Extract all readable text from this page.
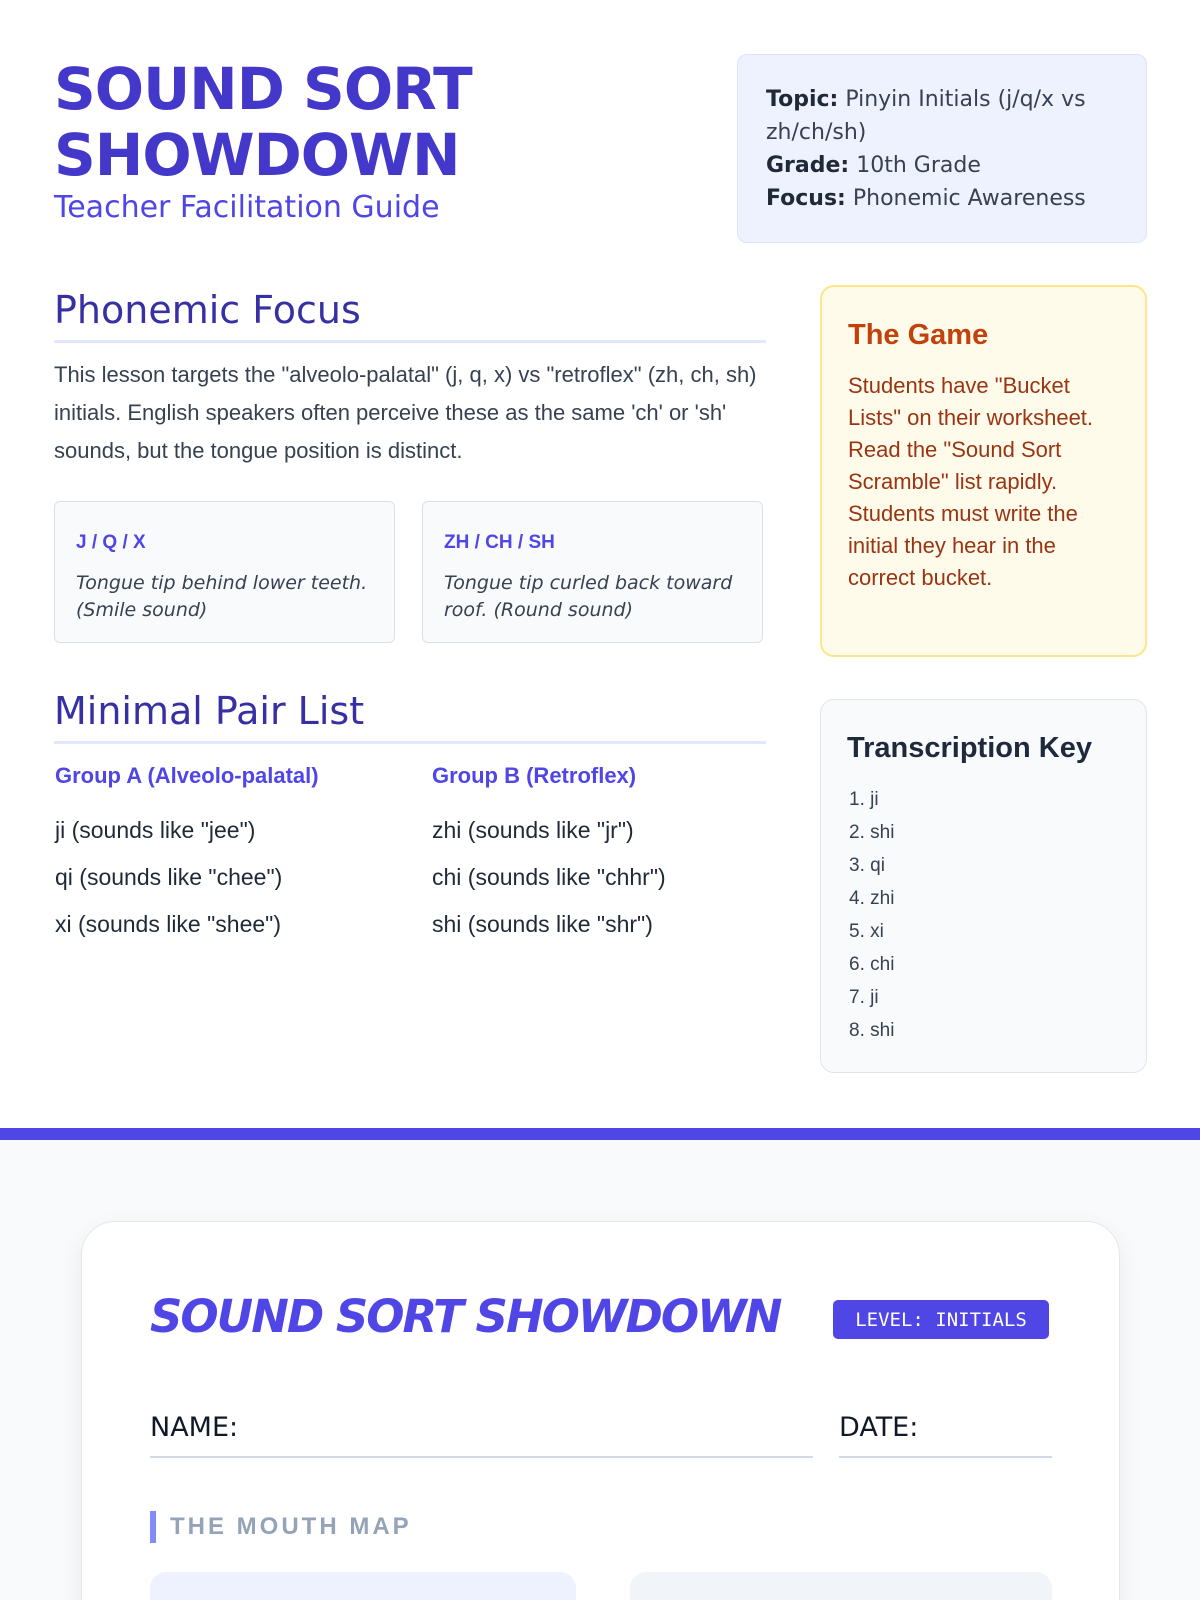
SOUND SORT
SHOWDOWN
Teacher Facilitation Guide
Topic: Pinyin Initials (j/q/x vs zh/ch/sh)
Grade: 10th Grade
Focus: Phonemic Awareness
Phonemic Focus

This lesson targets the "alveolo-palatal" (j, q, x) vs "retroflex" (zh, ch, sh) initials. English speakers often perceive these as the same 'ch' or 'sh' sounds, but the tongue position is distinct.

J / Q / X
Tongue tip behind lower teeth. (Smile sound)
ZH / CH / SH
Tongue tip curled back toward roof. (Round sound)
Minimal Pair List
Group A (Alveolo-palatal)
ji (sounds like "jee")
qi (sounds like "chee")
xi (sounds like "shee")
Group B (Retroflex)
zhi (sounds like "jr")
chi (sounds like "chhr")
shi (sounds like "shr")
The Game
Students have "Bucket Lists" on their worksheet. Read the "Sound Sort Scramble" list rapidly. Students must write the initial they hear in the correct bucket.
Transcription Key
1. ji
2. shi
3. qi
4. zhi
5. xi
6. chi
7. ji
8. shi
SOUND SORT SHOWDOWN	LEVEL: INITIALS
NAME:	DATE:
THE MOUTH MAP
